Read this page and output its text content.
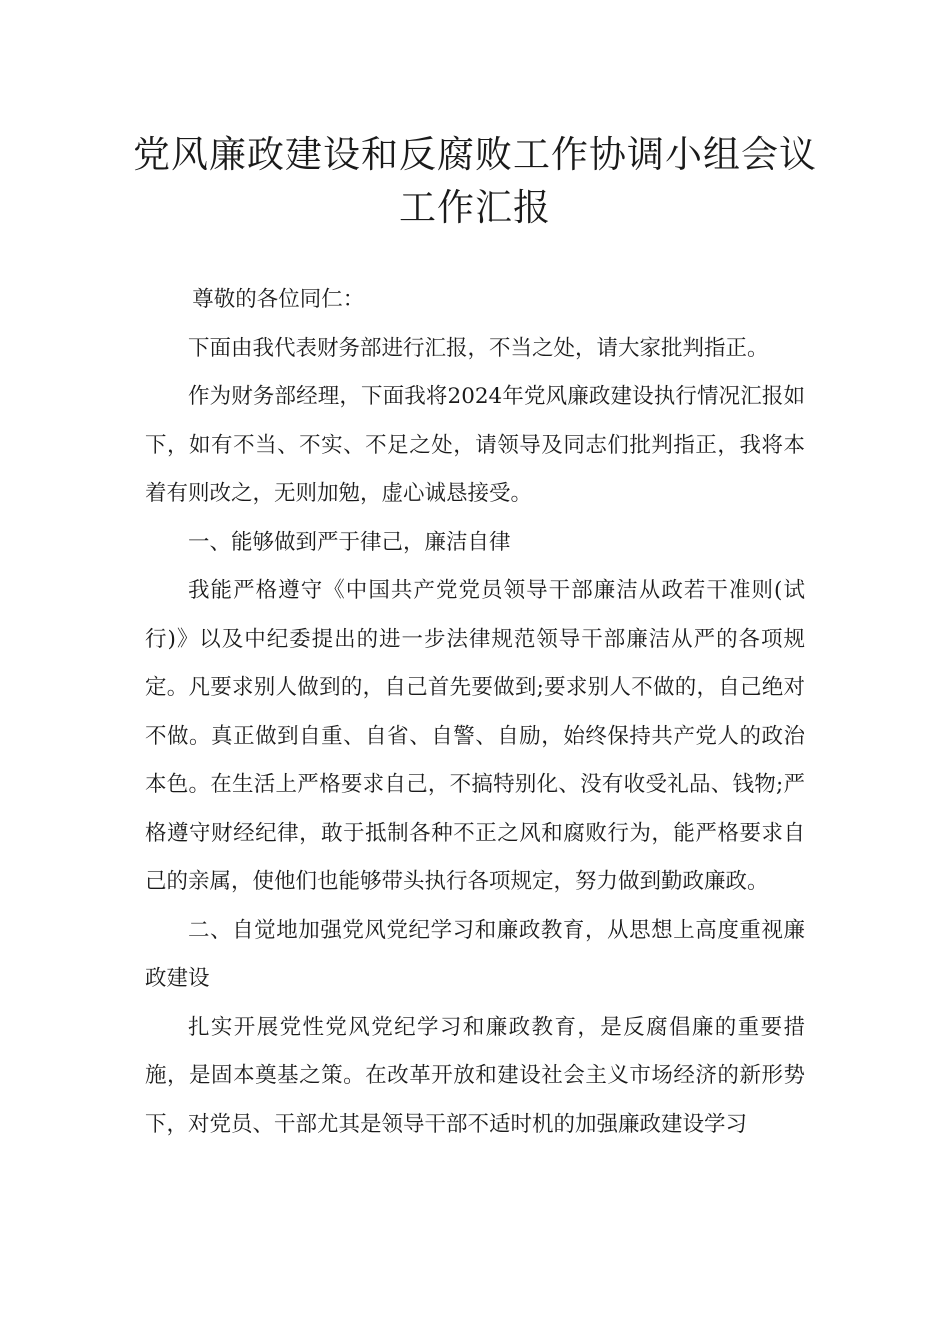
党风廉政建设和反腐败工作协调小组会议工作汇报

尊敬的各位同仁：

下面由我代表财务部进行汇报，不当之处，请大家批判指正。

作为财务部经理，下面我将2024年党风廉政建设执行情况汇报如下，如有不当、不实、不足之处，请领导及同志们批判指正，我将本着有则改之，无则加勉，虚心诚恳接受。

一、能够做到严于律己，廉洁自律

我能严格遵守《中国共产党党员领导干部廉洁从政若干准则(试行)》以及中纪委提出的进一步法律规范领导干部廉洁从严的各项规定。凡要求别人做到的，自己首先要做到;要求别人不做的，自己绝对不做。真正做到自重、自省、自警、自励，始终保持共产党人的政治本色。在生活上严格要求自己，不搞特别化、没有收受礼品、钱物;严格遵守财经纪律，敢于抵制各种不正之风和腐败行为，能严格要求自己的亲属，使他们也能够带头执行各项规定，努力做到勤政廉政。

二、自觉地加强党风党纪学习和廉政教育，从思想上高度重视廉政建设

扎实开展党性党风党纪学习和廉政教育，是反腐倡廉的重要措施，是固本奠基之策。在改革开放和建设社会主义市场经济的新形势下，对党员、干部尤其是领导干部不适时机的加强廉政建设学习
